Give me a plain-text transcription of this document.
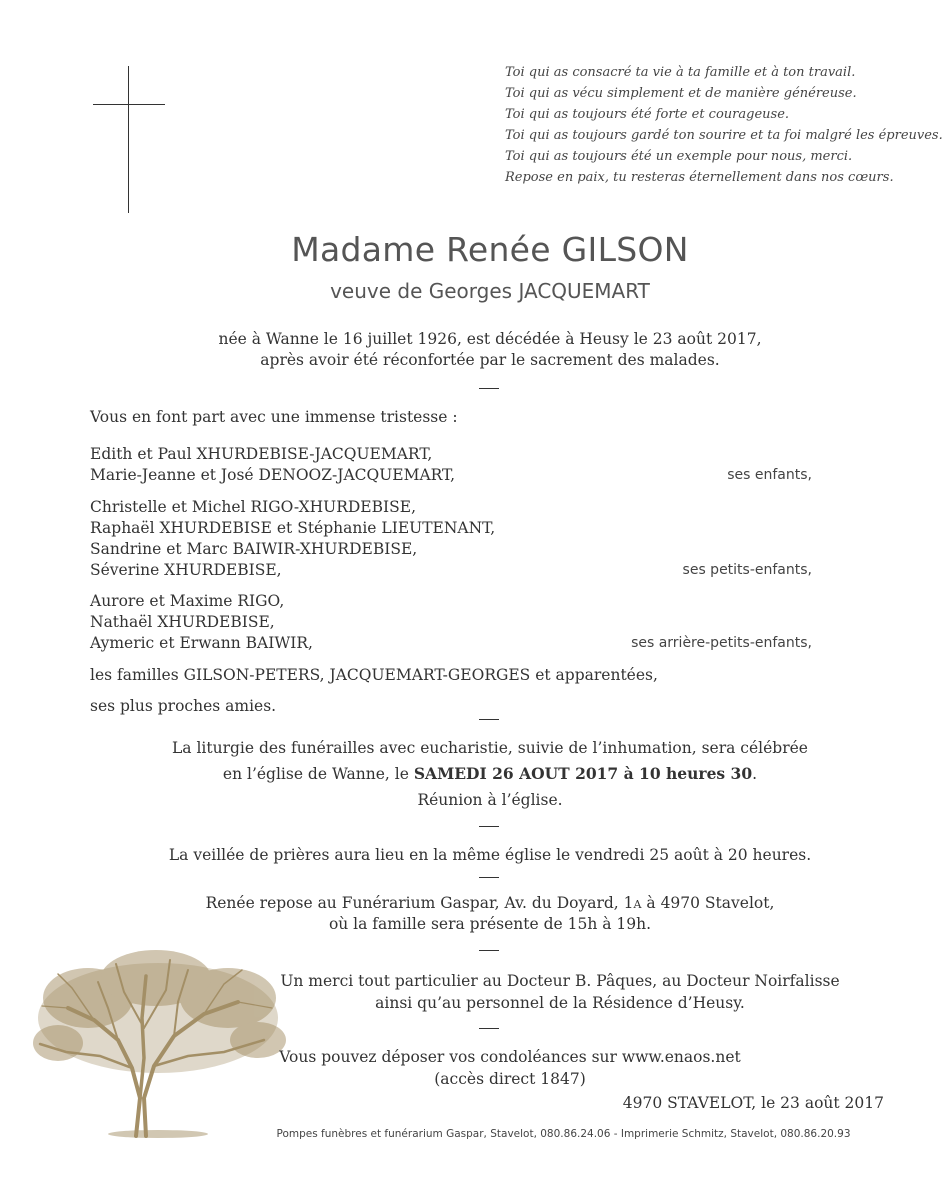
Toi qui as consacré ta vie à ta famille et à ton travail.
Toi qui as vécu simplement et de manière généreuse.
Toi qui as toujours été forte et courageuse.
Toi qui as toujours gardé ton sourire et ta foi malgré les épreuves.
Toi qui as toujours été un exemple pour nous, merci.
Repose en paix, tu resteras éternellement dans nos cœurs.
Madame Renée GILSON
veuve de Georges JACQUEMART
née à Wanne le 16 juillet 1926, est décédée à Heusy le 23 août 2017,
après avoir été réconfortée par le sacrement des malades.
Vous en font part avec une immense tristesse :
Edith et Paul XHURDEBISE-JACQUEMART,
Marie-Jeanne et José DENOOZ-JACQUEMART,	ses enfants,
Christelle et Michel RIGO-XHURDEBISE,
Raphaël XHURDEBISE et Stéphanie LIEUTENANT,
Sandrine et Marc BAIWIR-XHURDEBISE,
Séverine XHURDEBISE,	ses petits-enfants,
Aurore et Maxime RIGO,
Nathaël XHURDEBISE,
Aymeric et Erwann BAIWIR,	ses arrière-petits-enfants,
les familles GILSON-PETERS, JACQUEMART-GEORGES et apparentées,
ses plus proches amies.
La liturgie des funérailles avec eucharistie, suivie de l’inhumation, sera célébrée
en l’église de Wanne, le SAMEDI 26 AOUT 2017 à 10 heures 30.
Réunion à l’église.
La veillée de prières aura lieu en la même église le vendredi 25 août à 20 heures.
Renée repose au Funérarium Gaspar, Av. du Doyard, 1A à 4970 Stavelot,
où la famille sera présente de 15h à 19h.
Un merci tout particulier au Docteur B. Pâques, au Docteur Noirfalisse
ainsi qu’au personnel de la Résidence d’Heusy.
Vous pouvez déposer vos condoléances sur www.enaos.net
(accès direct 1847)
4970 STAVELOT, le 23 août 2017
Pompes funèbres et funérarium Gaspar, Stavelot, 080.86.24.06 - Imprimerie Schmitz, Stavelot, 080.86.20.93
